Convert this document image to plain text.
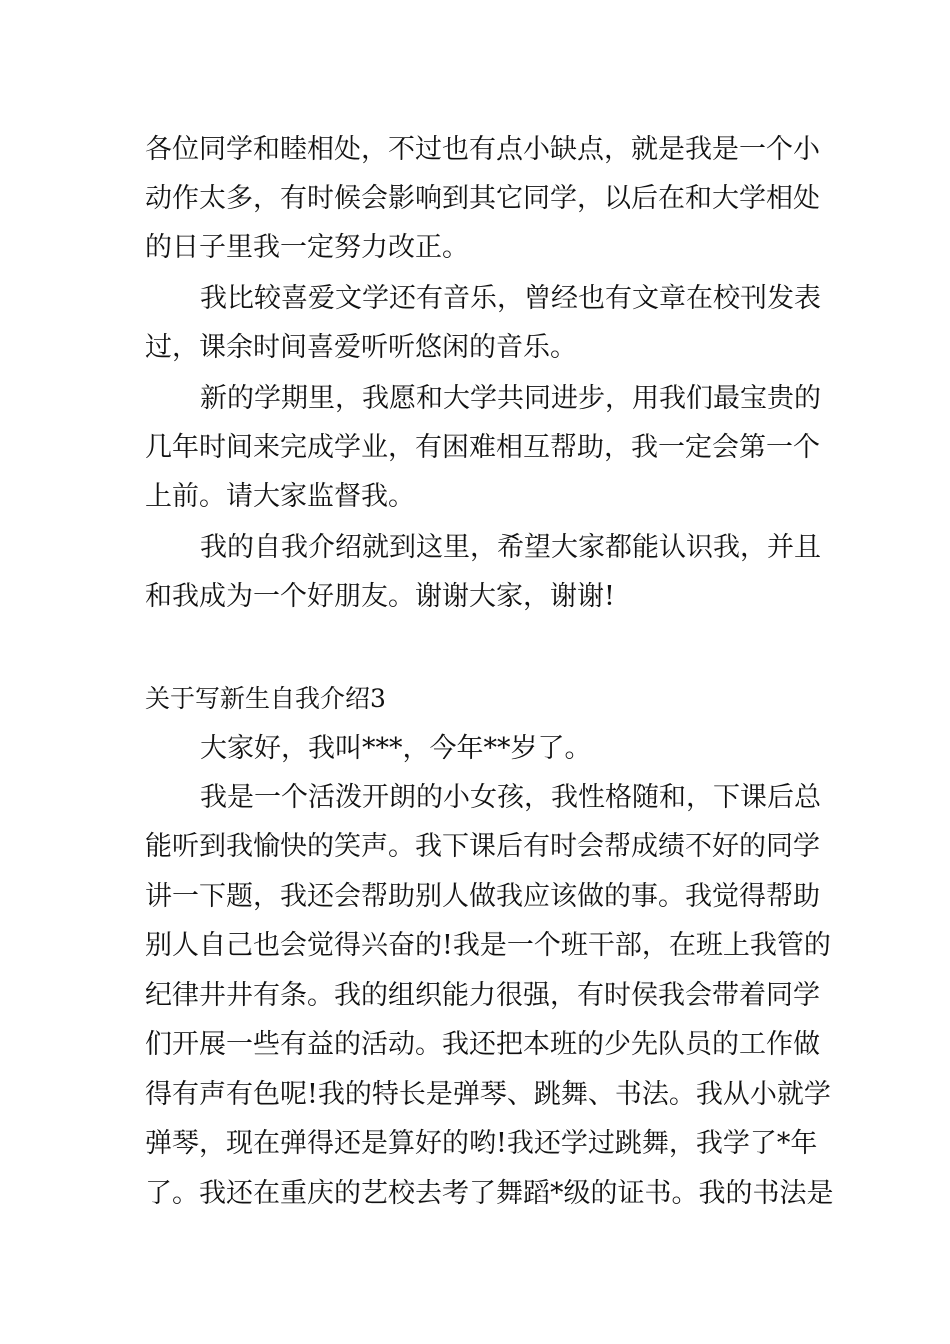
各位同学和睦相处，不过也有点小缺点，就是我是一个小
动作太多，有时候会影响到其它同学，以后在和大学相处
的日子里我一定努力改正。
我比较喜爱文学还有音乐，曾经也有文章在校刊发表
过，课余时间喜爱听听悠闲的音乐。
新的学期里，我愿和大学共同进步，用我们最宝贵的
几年时间来完成学业，有困难相互帮助，我一定会第一个
上前。请大家监督我。
我的自我介绍就到这里，希望大家都能认识我，并且
和我成为一个好朋友。谢谢大家，谢谢!
关于写新生自我介绍3
大家好，我叫***，今年**岁了。
我是一个活泼开朗的小女孩，我性格随和，下课后总
能听到我愉快的笑声。我下课后有时会帮成绩不好的同学
讲一下题，我还会帮助别人做我应该做的事。我觉得帮助
别人自己也会觉得兴奋的!我是一个班干部，在班上我管的
纪律井井有条。我的组织能力很强，有时侯我会带着同学
们开展一些有益的活动。我还把本班的少先队员的工作做
得有声有色呢!我的特长是弹琴、跳舞、书法。我从小就学
弹琴，现在弹得还是算好的哟!我还学过跳舞，我学了*年
了。我还在重庆的艺校去考了舞蹈*级的证书。我的书法是
